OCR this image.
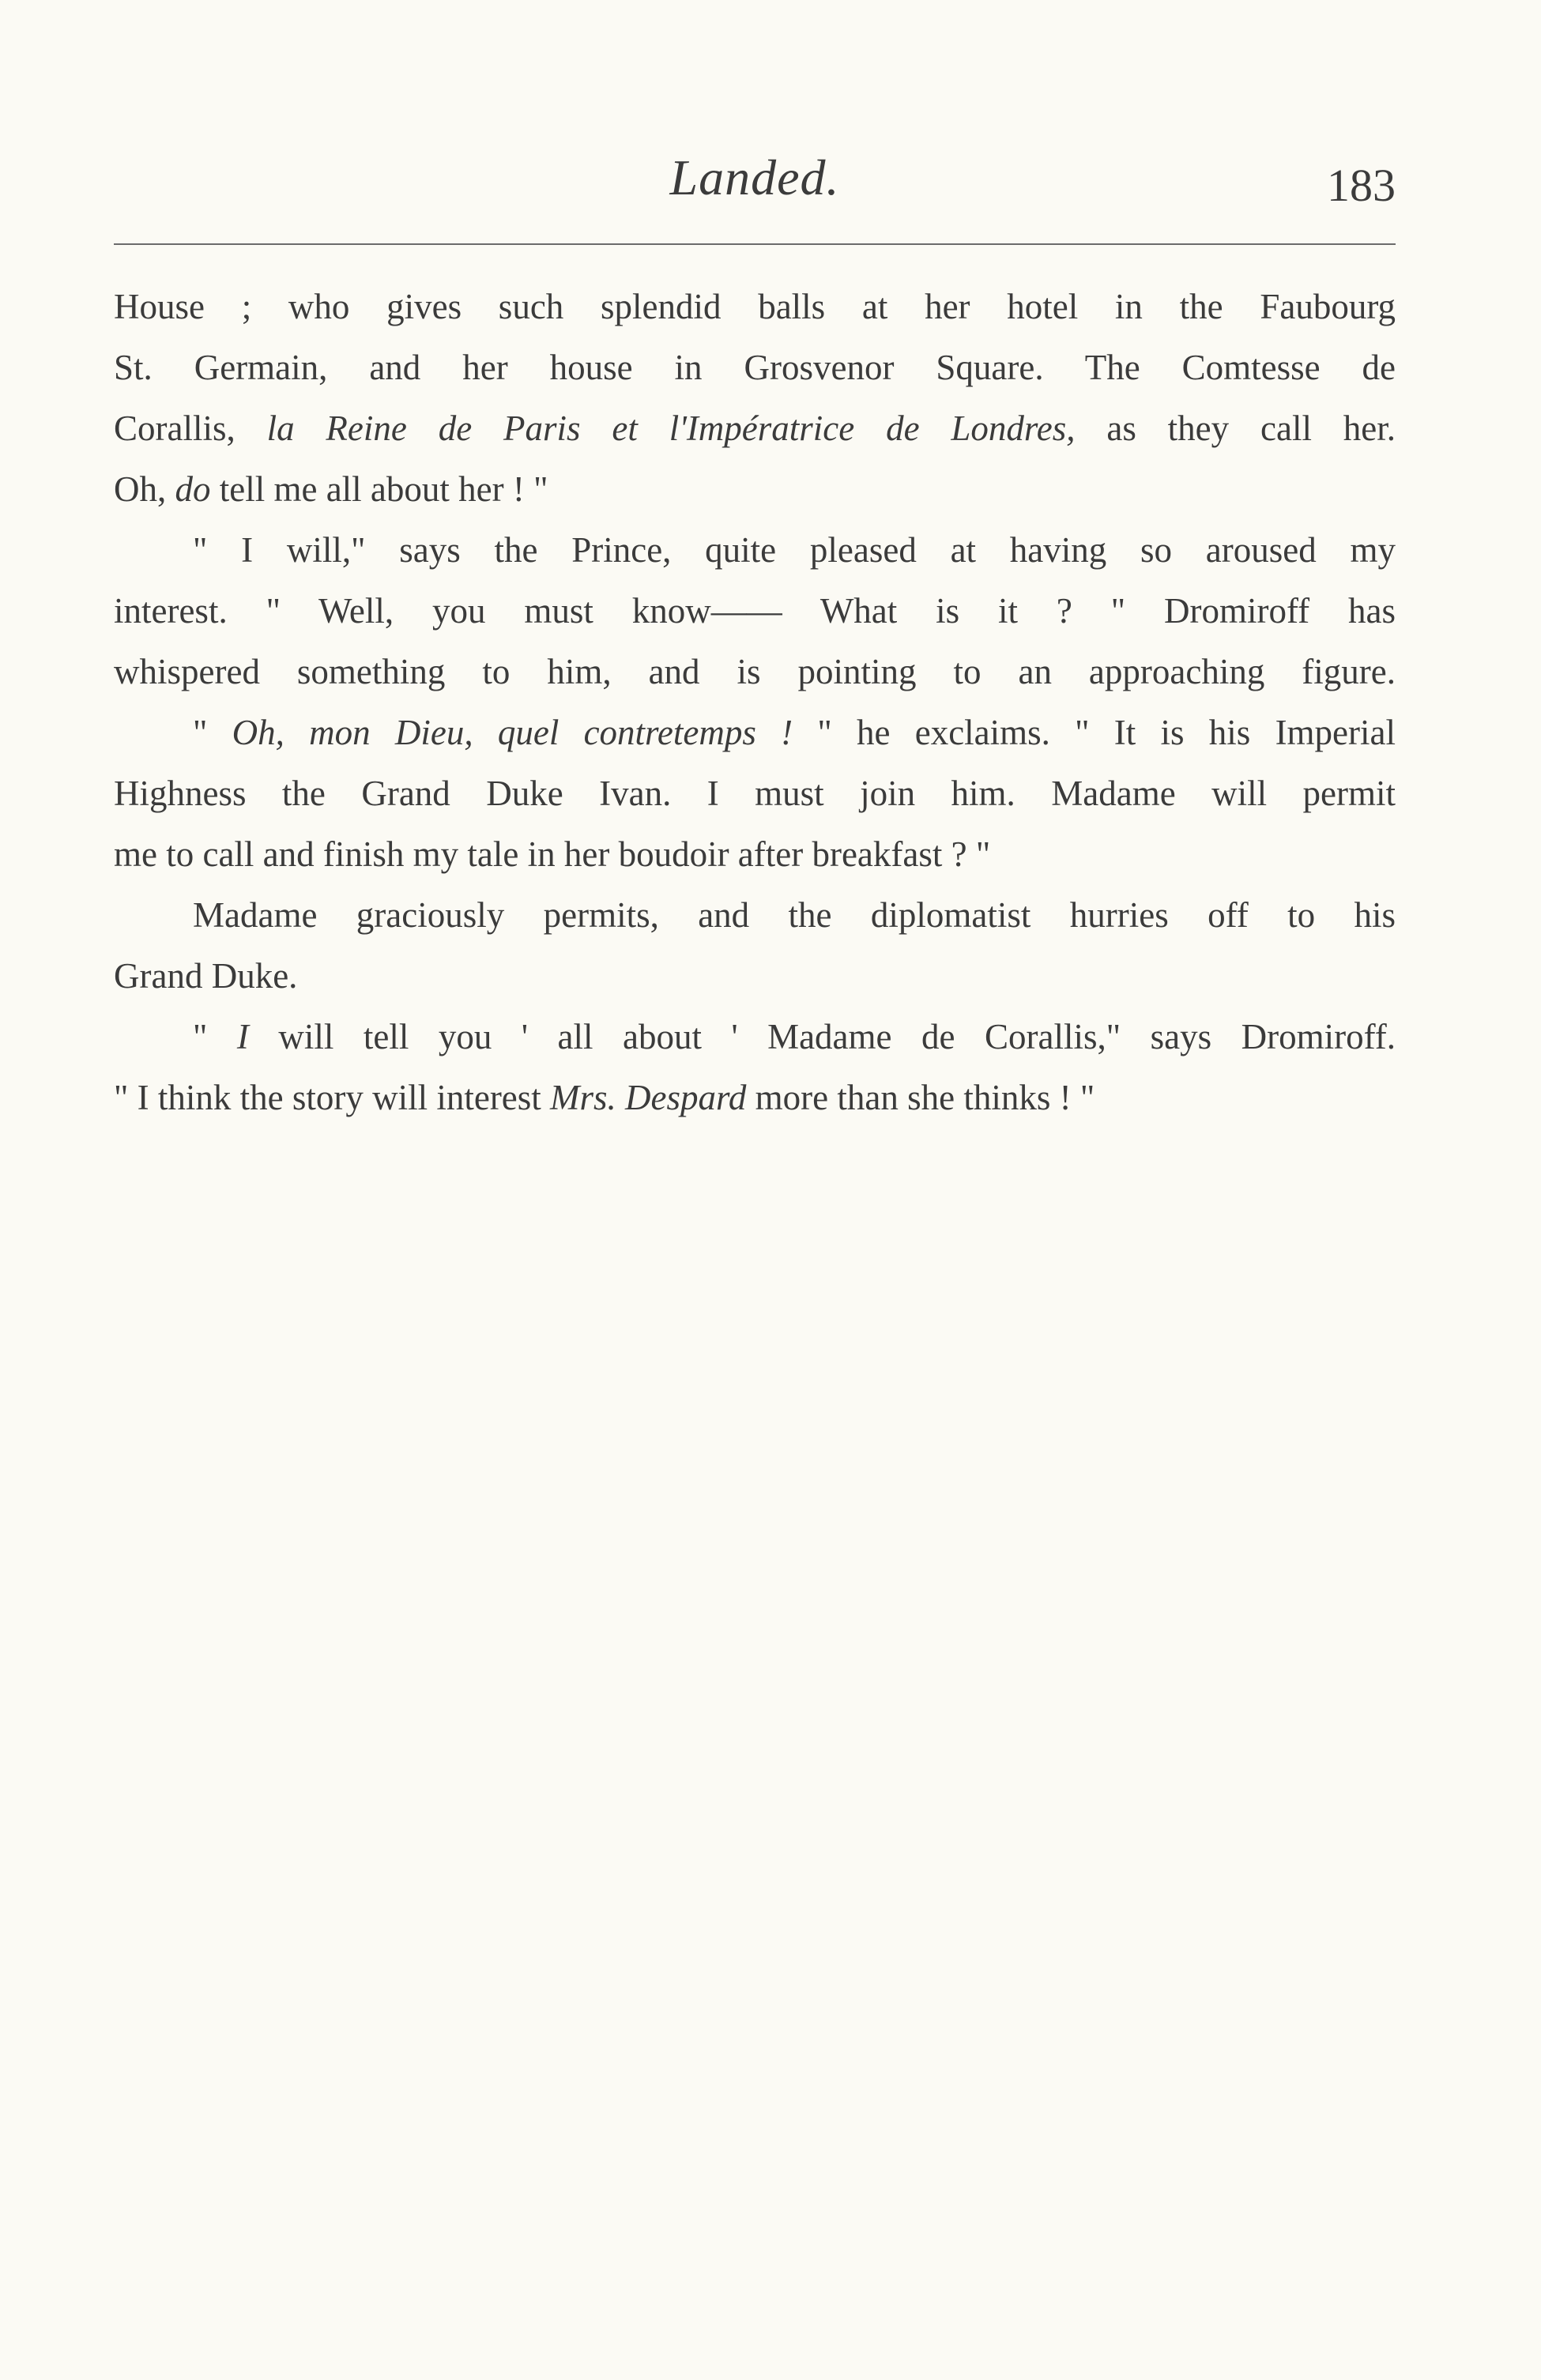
Landed.	183
House ; who gives such splendid balls at her hotel in the Faubourg
St. Germain, and her house in Grosvenor Square. The Comtesse de
Corallis, la Reine de Paris et l'Impératrice de Londres, as they call her.
Oh, do tell me all about her ! "
" I will," says the Prince, quite pleased at having so aroused my
interest. " Well, you must know—— What is it ? " Dromiroff has
whispered something to him, and is pointing to an approaching figure.
" Oh, mon Dieu, quel contretemps ! " he exclaims. " It is his Imperial
Highness the Grand Duke Ivan. I must join him. Madame will permit
me to call and finish my tale in her boudoir after breakfast ? "
Madame graciously permits, and the diplomatist hurries off to his
Grand Duke.
" I will tell you ' all about ' Madame de Corallis," says Dromiroff.
" I think the story will interest Mrs. Despard more than she thinks ! "
